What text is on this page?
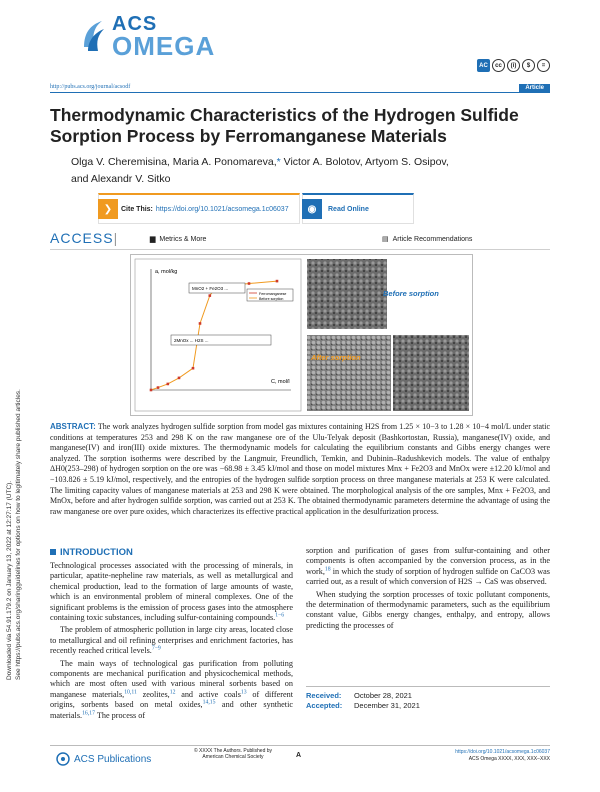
Downloaded via 54.91.179.2 on January 13, 2022 at 12:27:17 (UTC). See https://pubs.acs.org/sharingguidelines for options on how to legitimately share published articles.
ACS
OMEGA
AC	cc	(i)	$	=
http://pubs.acs.org/journal/acsodf	Article
Thermodynamic Characteristics of the Hydrogen Sulfide Sorption Process by Ferromanganese Materials
Olga V. Cheremisina, Maria A. Ponomareva,* Victor A. Bolotov, Artyom S. Osipov,
and Alexandr V. Sitko
❯	Cite This: https://doi.org/10.1021/acsomega.1c06037	◉	Read Online
ACCESS|	▆ Metrics & More	▤ Article Recommendations
a, mol/kg
C, mol/l
MnO2 + Fe2O3 ...
Ferromanganese
Before sorption
2MnOx ... H2S ...
Before sorption
After sorption
ABSTRACT: The work analyzes hydrogen sulfide sorption from model gas mixtures containing H2S from 1.25 × 10−3 to 1.28 × 10−4 mol/L under static conditions at temperatures 253 and 298 K on the raw manganese ore of the Ulu-Telyak deposit (Bashkortostan, Russia), manganese(IV) oxide, and manganese(IV) and iron(III) oxide mixtures. The thermodynamic models for calculating the equilibrium constants and Gibbs energy changes were analyzed. The sorption isotherms were described by the Langmuir, Freundlich, Temkin, and Dubinin–Radushkevich models. The value of enthalpy ΔH0(253–298) of hydrogen sorption on the ore was −68.98 ± 3.45 kJ/mol and those on model mixtures Mnx + Fe2O3 and MnOx were ±12.20 kJ/mol and −103.826 ± 5.19 kJ/mol, respectively, and the entropies of the hydrogen sulfide sorption process on three manganese materials at 253 K were calculated. The limiting capacity values of manganese materials at 253 and 298 K were obtained. The morphological analysis of the ore samples, Mnx + Fe2O3, and MnOx, before and after hydrogen sulfide sorption, was carried out at 253 K. The obtained thermodynamic parameters determine the advantage of using the raw manganese ore over pure oxides, which characterizes its effective practical application in the desulfurization process.
INTRODUCTION

Technological processes associated with the processing of minerals, in particular, apatite-nepheline raw materials, as well as metallurgical and chemical production, lead to the formation of large amounts of waste, which is an environmental problem of mineral complexes. One of the significant problems is the emission of process gases into the atmosphere containing toxic substances, including sulfur-containing compounds.$^{1-6}$

The problem of atmospheric pollution in large city areas, located close to metallurgical and oil refining enterprises and enrichment factories, has recently reached critical levels.$^{7-9}$

The main ways of technological gas purification from polluting components are mechanical purification and physicochemical methods, which are most often used with various mineral sorbents based on manganese materials,$^{10,11}$ zeolites,$^{12}$ and active coals$^{13}$ of different origins, sorbents based on metal oxides,$^{14,15}$ and other synthetic materials.$^{16,17}$ The process of

sorption and purification of gases from sulfur-containing and other components is often accompanied by the conversion process, as in the work,$^{18}$ in which the study of sorption of hydrogen sulfide on CaCO3 was carried out, as a result of which conversion of H2S → CaS was observed.

When studying the sorption processes of toxic pollutant components, the determination of thermodynamic parameters, such as the equilibrium constant value, Gibbs energy changes, enthalpy, and entropy, allows predicting the processes of

Received: October 28, 2021
Accepted: December 31, 2021
ACS Publications
© XXXX The Authors. Published by American Chemical Society	A	https://doi.org/10.1021/acsomega.1c06037
ACS Omega XXXX, XXX, XXX−XXX
